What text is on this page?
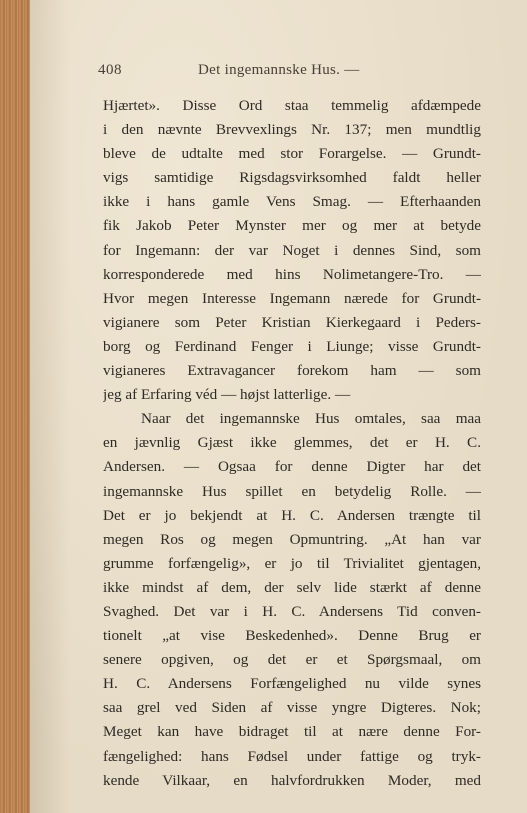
408	Det ingemannske Hus. —
Hjærtet». Disse Ord staa temmelig afdæmpede
i den nævnte Brevvexlings Nr. 137; men mundtlig
bleve de udtalte med stor Forargelse. — Grundt-
vigs samtidige Rigsdagsvirksomhed faldt heller
ikke i hans gamle Vens Smag. — Efterhaanden
fik Jakob Peter Mynster mer og mer at betyde
for Ingemann: der var Noget i dennes Sind, som
korresponderede med hins Nolimetangere-Tro. —
Hvor megen Interesse Ingemann nærede for Grundt-
vigianere som Peter Kristian Kierkegaard i Peders-
borg og Ferdinand Fenger i Liunge; visse Grundt-
vigianeres Extravagancer forekom ham — som
jeg af Erfaring véd — højst latterlige. —
Naar det ingemannske Hus omtales, saa maa
en jævnlig Gjæst ikke glemmes, det er H. C.
Andersen. — Ogsaa for denne Digter har det
ingemannske Hus spillet en betydelig Rolle. —
Det er jo bekjendt at H. C. Andersen trængte til
megen Ros og megen Opmuntring. „At han var
grumme forfængelig», er jo til Trivialitet gjentagen,
ikke mindst af dem, der selv lide stærkt af denne
Svaghed. Det var i H. C. Andersens Tid conven-
tionelt „at vise Beskedenhed». Denne Brug er
senere opgiven, og det er et Spørgsmaal, om
H. C. Andersens Forfængelighed nu vilde synes
saa grel ved Siden af visse yngre Digteres. Nok;
Meget kan have bidraget til at nære denne For-
fængelighed: hans Fødsel under fattige og tryk-
kende Vilkaar, en halvfordrukken Moder, med
